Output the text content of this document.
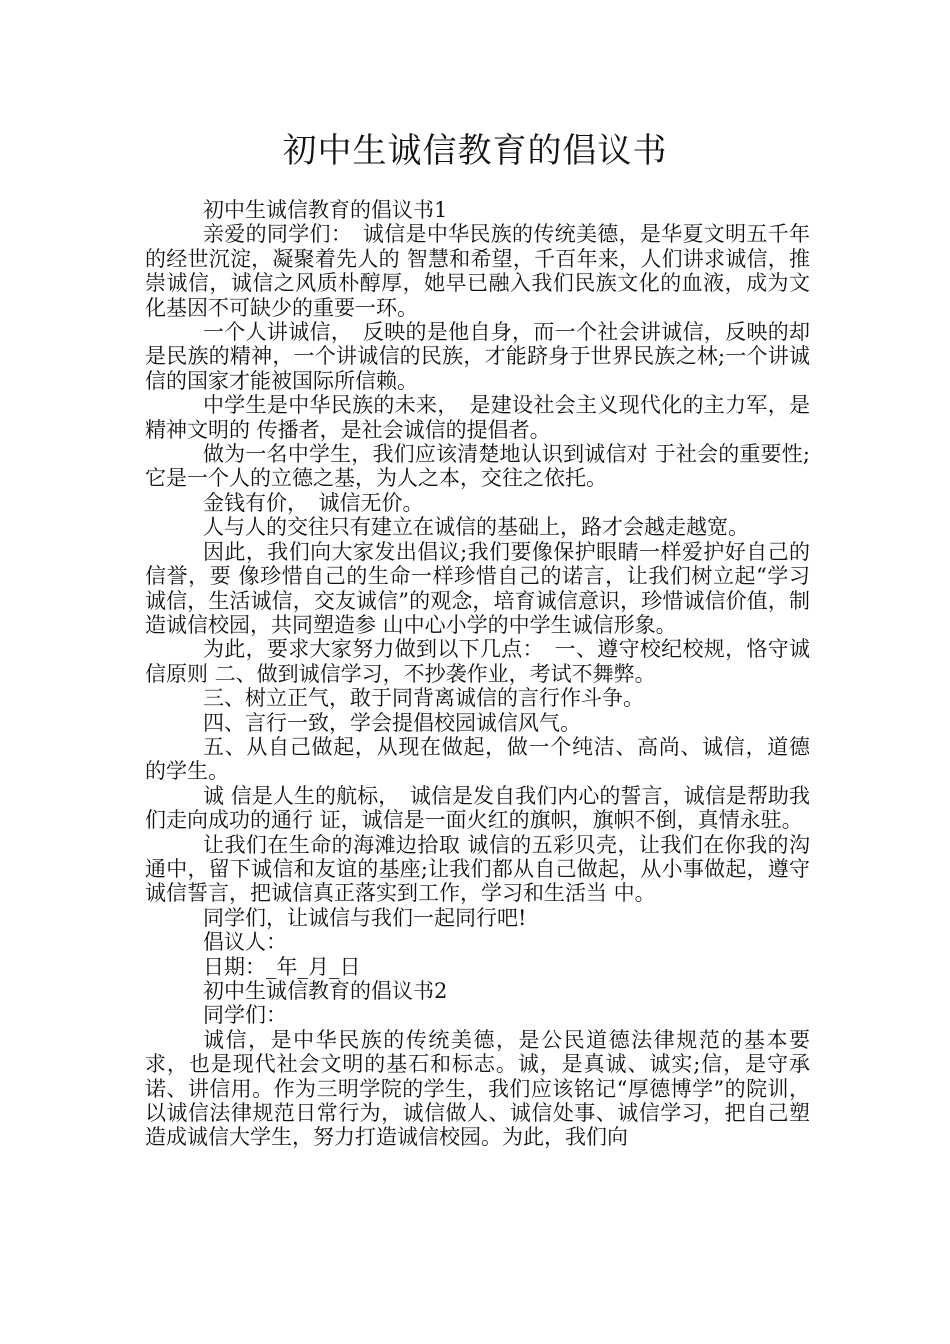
初中生诚信教育的倡议书

初中生诚信教育的倡议书1

亲爱的同学们：　诚信是中华民族的传统美德，是华夏文明五千年的经世沉淀，凝聚着先人的 智慧和希望，千百年来，人们讲求诚信，推崇诚信，诚信之风质朴醇厚，她早已融入我们民族文化的血液，成为文化基因不可缺少的重要一环。

一个人讲诚信，　反映的是他自身，而一个社会讲诚信，反映的却是民族的精神，一个讲诚信的民族，才能跻身于世界民族之林;一个讲诚信的国家才能被国际所信赖。

中学生是中华民族的未来，　是建设社会主义现代化的主力军，是精神文明的 传播者，是社会诚信的提倡者。

做为一名中学生，我们应该清楚地认识到诚信对 于社会的重要性;它是一个人的立德之基，为人之本，交往之依托。

金钱有价，　诚信无价。

人与人的交往只有建立在诚信的基础上，路才会越走越宽。

因此，我们向大家发出倡议;我们要像保护眼睛一样爱护好自己的信誉，要 像珍惜自己的生命一样珍惜自己的诺言，让我们树立起“学习诚信，生活诚信，交友诚信”的观念，培育诚信意识，珍惜诚信价值，制造诚信校园，共同塑造参 山中心小学的中学生诚信形象。

为此，要求大家努力做到以下几点：　一、遵守校纪校规，恪守诚信原则 二、做到诚信学习，不抄袭作业，考试不舞弊。

三、树立正气，敢于同背离诚信的言行作斗争。

四、言行一致，学会提倡校园诚信风气。

五、从自己做起，从现在做起，做一个纯洁、高尚、诚信，道德的学生。

诚 信是人生的航标，　诚信是发自我们内心的誓言，诚信是帮助我们走向成功的通行 证，诚信是一面火红的旗帜，旗帜不倒，真情永驻。

让我们在生命的海滩边拾取 诚信的五彩贝壳，让我们在你我的沟通中，留下诚信和友谊的基座;让我们都从自己做起，从小事做起，遵守诚信誓言，把诚信真正落实到工作，学习和生活当 中。

同学们，让诚信与我们一起同行吧!

倡议人：

日期：_年_月_日

初中生诚信教育的倡议书2

同学们：

诚信，是中华民族的传统美德，是公民道德法律规范的基本要求，也是现代社会文明的基石和标志。诚，是真诚、诚实;信，是守承诺、讲信用。作为三明学院的学生，我们应该铭记“厚德博学”的院训，以诚信法律规范日常行为，诚信做人、诚信处事、诚信学习，把自己塑造成诚信大学生，努力打造诚信校园。为此，我们向
